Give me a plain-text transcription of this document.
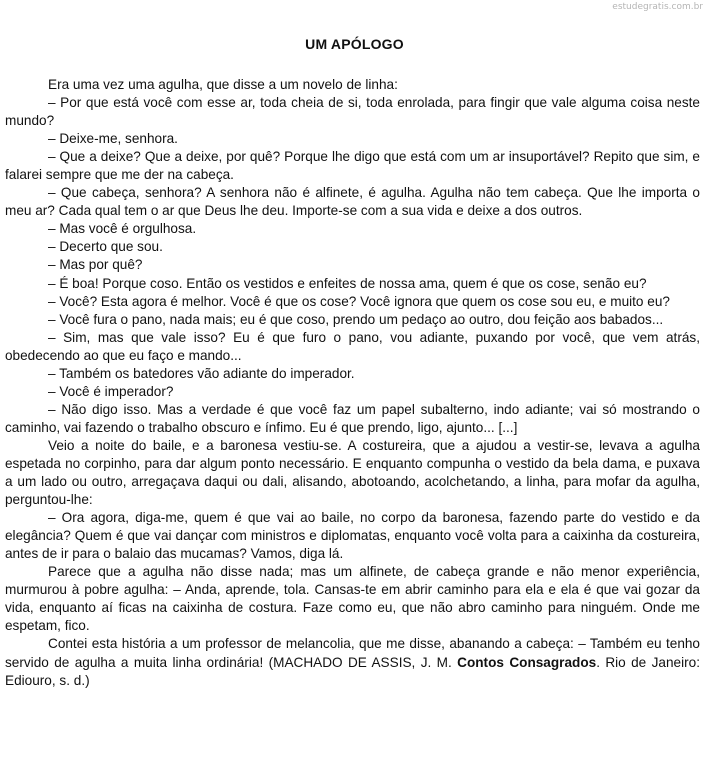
estudegratis.com.br
UM APÓLOGO

Era uma vez uma agulha, que disse a um novelo de linha:

– Por que está você com esse ar, toda cheia de si, toda enrolada, para fingir que vale alguma coisa neste mundo?

– Deixe-me, senhora.

– Que a deixe? Que a deixe, por quê? Porque lhe digo que está com um ar insuportável? Repito que sim, e falarei sempre que me der na cabeça.

– Que cabeça, senhora? A senhora não é alfinete, é agulha. Agulha não tem cabeça. Que lhe importa o meu ar? Cada qual tem o ar que Deus lhe deu. Importe-se com a sua vida e deixe a dos outros.

– Mas você é orgulhosa.

– Decerto que sou.

– Mas por quê?

– É boa! Porque coso. Então os vestidos e enfeites de nossa ama, quem é que os cose, senão eu?

– Você? Esta agora é melhor. Você é que os cose? Você ignora que quem os cose sou eu, e muito eu?

– Você fura o pano, nada mais; eu é que coso, prendo um pedaço ao outro, dou feição aos babados...

– Sim, mas que vale isso? Eu é que furo o pano, vou adiante, puxando por você, que vem atrás, obedecendo ao que eu faço e mando...

– Também os batedores vão adiante do imperador.

– Você é imperador?

– Não digo isso. Mas a verdade é que você faz um papel subalterno, indo adiante; vai só mostrando o caminho, vai fazendo o trabalho obscuro e ínfimo. Eu é que prendo, ligo, ajunto... [...]

Veio a noite do baile, e a baronesa vestiu-se. A costureira, que a ajudou a vestir-se, levava a agulha espetada no corpinho, para dar algum ponto necessário. E enquanto compunha o vestido da bela dama, e puxava a um lado ou outro, arregaçava daqui ou dali, alisando, abotoando, acolchetando, a linha, para mofar da agulha, perguntou-lhe:

– Ora agora, diga-me, quem é que vai ao baile, no corpo da baronesa, fazendo parte do vestido e da elegância? Quem é que vai dançar com ministros e diplomatas, enquanto você volta para a caixinha da costureira, antes de ir para o balaio das mucamas? Vamos, diga lá.

Parece que a agulha não disse nada; mas um alfinete, de cabeça grande e não menor experiência, murmurou à pobre agulha: – Anda, aprende, tola. Cansas-te em abrir caminho para ela e ela é que vai gozar da vida, enquanto aí ficas na caixinha de costura. Faze como eu, que não abro caminho para ninguém. Onde me espetam, fico.

Contei esta história a um professor de melancolia, que me disse, abanando a cabeça: – Também eu tenho servido de agulha a muita linha ordinária! (MACHADO DE ASSIS, J. M. Contos Consagrados. Rio de Janeiro: Ediouro, s. d.)
